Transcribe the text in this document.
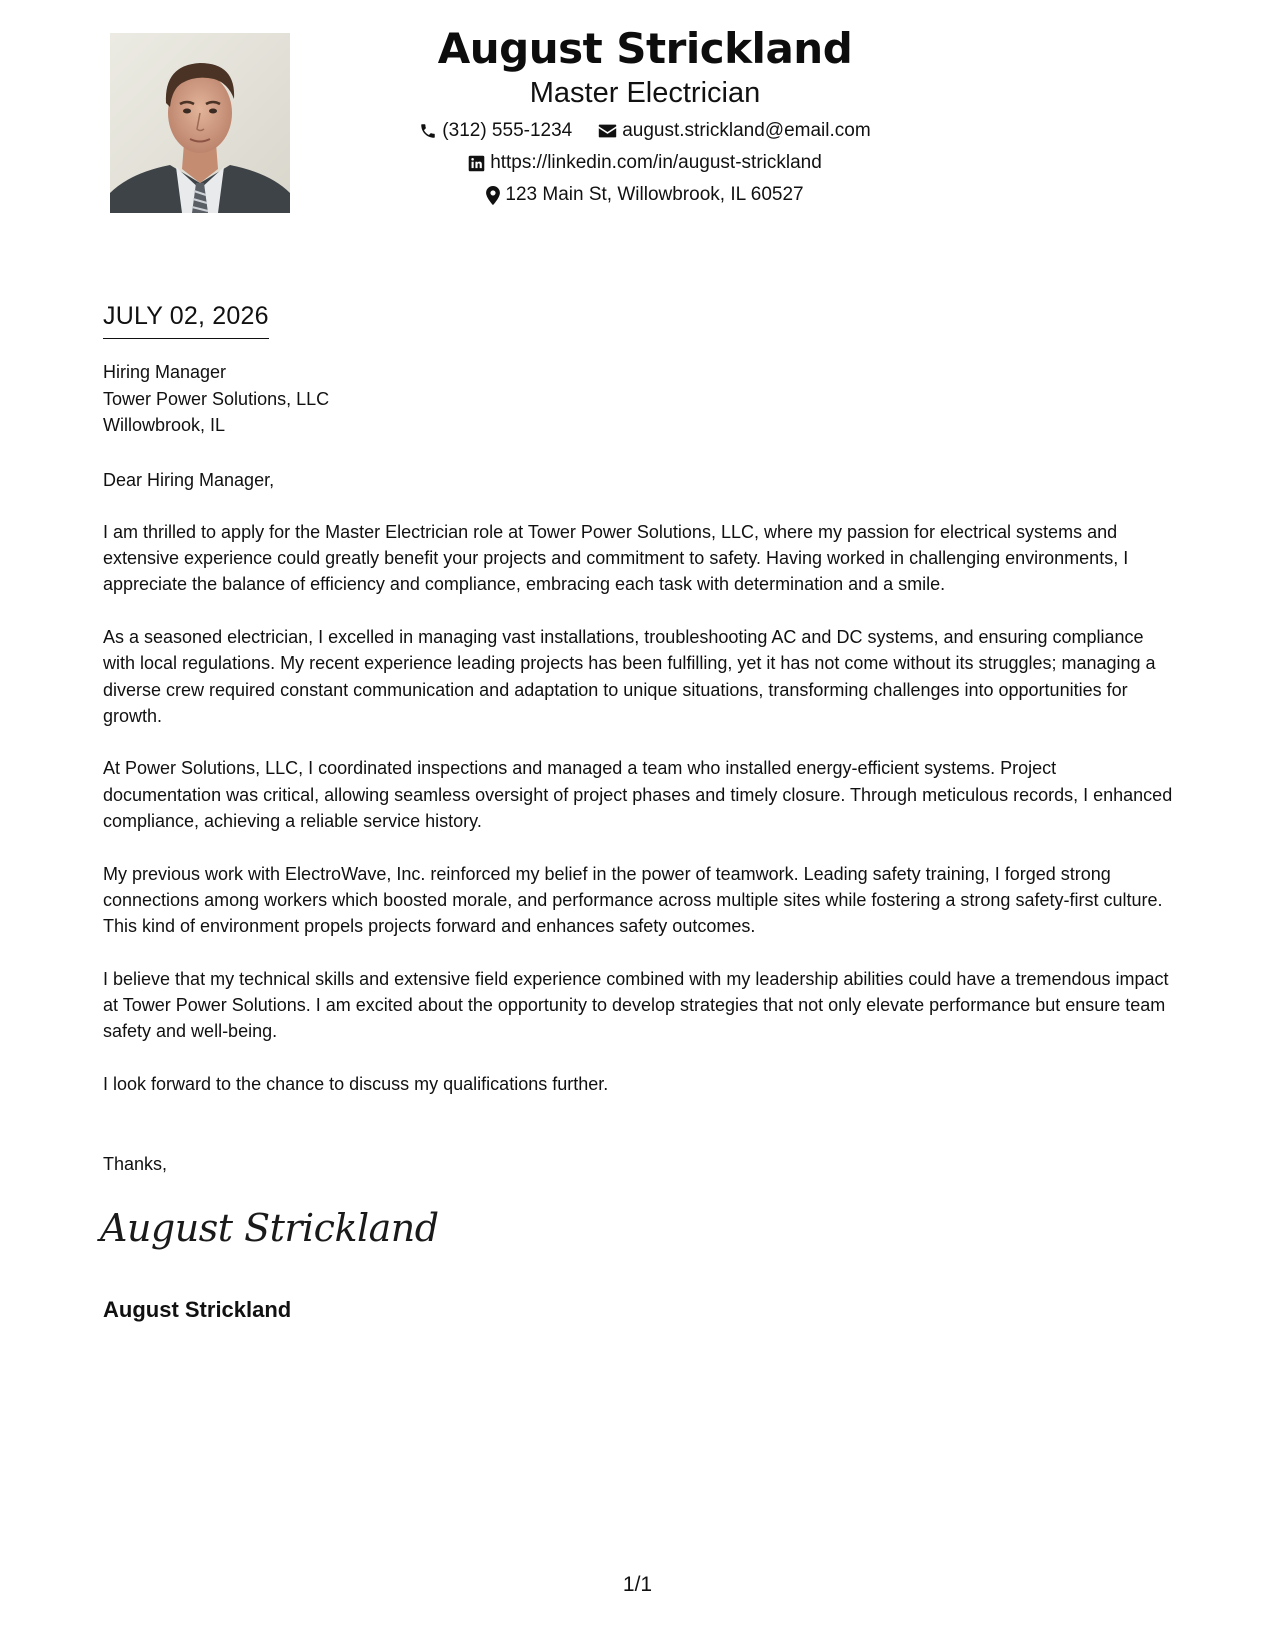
August Strickland
Master Electrician
(312) 555-1234	august.strickland@email.com
https://linkedin.com/in/august-strickland
123 Main St, Willowbrook, IL 60527
JULY 02, 2026
Hiring Manager
Tower Power Solutions, LLC
Willowbrook, IL
Dear Hiring Manager,

I am thrilled to apply for the Master Electrician role at Tower Power Solutions, LLC, where my passion for electrical systems and extensive experience could greatly benefit your projects and commitment to safety. Having worked in challenging environments, I appreciate the balance of efficiency and compliance, embracing each task with determination and a smile.

As a seasoned electrician, I excelled in managing vast installations, troubleshooting AC and DC systems, and ensuring compliance with local regulations. My recent experience leading projects has been fulfilling, yet it has not come without its struggles; managing a diverse crew required constant communication and adaptation to unique situations, transforming challenges into opportunities for growth.

At Power Solutions, LLC, I coordinated inspections and managed a team who installed energy-efficient systems. Project documentation was critical, allowing seamless oversight of project phases and timely closure. Through meticulous records, I enhanced compliance, achieving a reliable service history.

My previous work with ElectroWave, Inc. reinforced my belief in the power of teamwork. Leading safety training, I forged strong connections among workers which boosted morale, and performance across multiple sites while fostering a strong safety-first culture. This kind of environment propels projects forward and enhances safety outcomes.

I believe that my technical skills and extensive field experience combined with my leadership abilities could have a tremendous impact at Tower Power Solutions. I am excited about the opportunity to develop strategies that not only elevate performance but ensure team safety and well-being.

I look forward to the chance to discuss my qualifications further.

Thanks,
August Strickland
August Strickland
1/1
